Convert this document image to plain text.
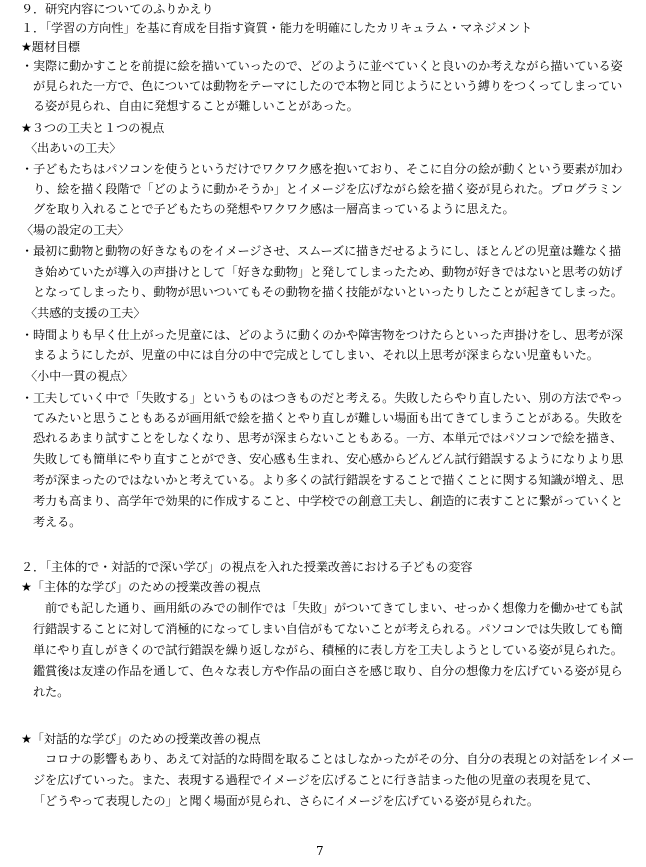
９．研究内容についてのふりかえり
１．「学習の方向性」を基に育成を目指す資質・能力を明確にしたカリキュラム・マネジメント
★題材目標
・ 実際に動かすことを前提に絵を描いていったので、どのように並べていくと良いのか考えながら描いている姿
が見られた一方で、色については動物をテーマにしたので本物と同じようにという縛りをつくってしまってい
る姿が見られ、自由に発想することが難しいことがあった。
★３つの工夫と１つの視点
〈出あいの工夫〉
・ 子どもたちはパソコンを使うというだけでワクワク感を抱いており、そこに自分の絵が動くという要素が加わ
り、絵を描く段階で「どのように動かそうか」とイメージを広げながら絵を描く姿が見られた。プログラミン
グを取り入れることで子どもたちの発想やワクワク感は一層高まっているように思えた。
〈場の設定の工夫〉
・ 最初に動物と動物の好きなものをイメージさせ、スムーズに描きだせるようにし、ほとんどの児童は難なく描
き始めていたが導入の声掛けとして「好きな動物」と発してしまったため、動物が好きではないと思考の妨げ
となってしまったり、動物が思いついてもその動物を描く技能がないといったりしたことが起きてしまった。
〈共感的支援の工夫〉
・ 時間よりも早く仕上がった児童には、どのように動くのかや障害物をつけたらといった声掛けをし、思考が深
まるようにしたが、児童の中には自分の中で完成としてしまい、それ以上思考が深まらない児童もいた。
〈小中一貫の視点〉
・ 工夫していく中で「失敗する」というものはつきものだと考える。失敗したらやり直したい、別の方法でやっ
てみたいと思うこともあるが画用紙で絵を描くとやり直しが難しい場面も出てきてしまうことがある。失敗を
恐れるあまり試すことをしなくなり、思考が深まらないこともある。一方、本単元ではパソコンで絵を描き、
失敗しても簡単にやり直すことができ、安心感も生まれ、安心感からどんどん試行錯誤するようになりより思
考が深まったのではないかと考えている。より多くの試行錯誤をすることで描くことに関する知識が増え、思
考力も高まり、高学年で効果的に作成すること、中学校での創意工夫し、創造的に表すことに繋がっていくと
考える。
２．「主体的で・対話的で深い学び」の視点を入れた授業改善における子どもの変容
★「主体的な学び」のための授業改善の視点
前でも記した通り、画用紙のみでの制作では「失敗」がついてきてしまい、せっかく想像力を働かせても試
行錯誤することに対して消極的になってしまい自信がもてないことが考えられる。パソコンでは失敗しても簡
単にやり直しがきくので試行錯誤を繰り返しながら、積極的に表し方を工夫しようとしている姿が見られた。
鑑賞後は友達の作品を通して、色々な表し方や作品の面白さを感じ取り、自分の想像力を広げている姿が見ら
れた。
★「対話的な学び」のための授業改善の視点
コロナの影響もあり、あえて対話的な時間を取ることはしなかったがその分、自分の表現との対話をレイメー
ジを広げていった。また、表現する過程でイメージを広げることに行き詰まった他の児童の表現を見て、
「どうやって表現したの」と聞く場面が見られ、さらにイメージを広げている姿が見られた。
7
